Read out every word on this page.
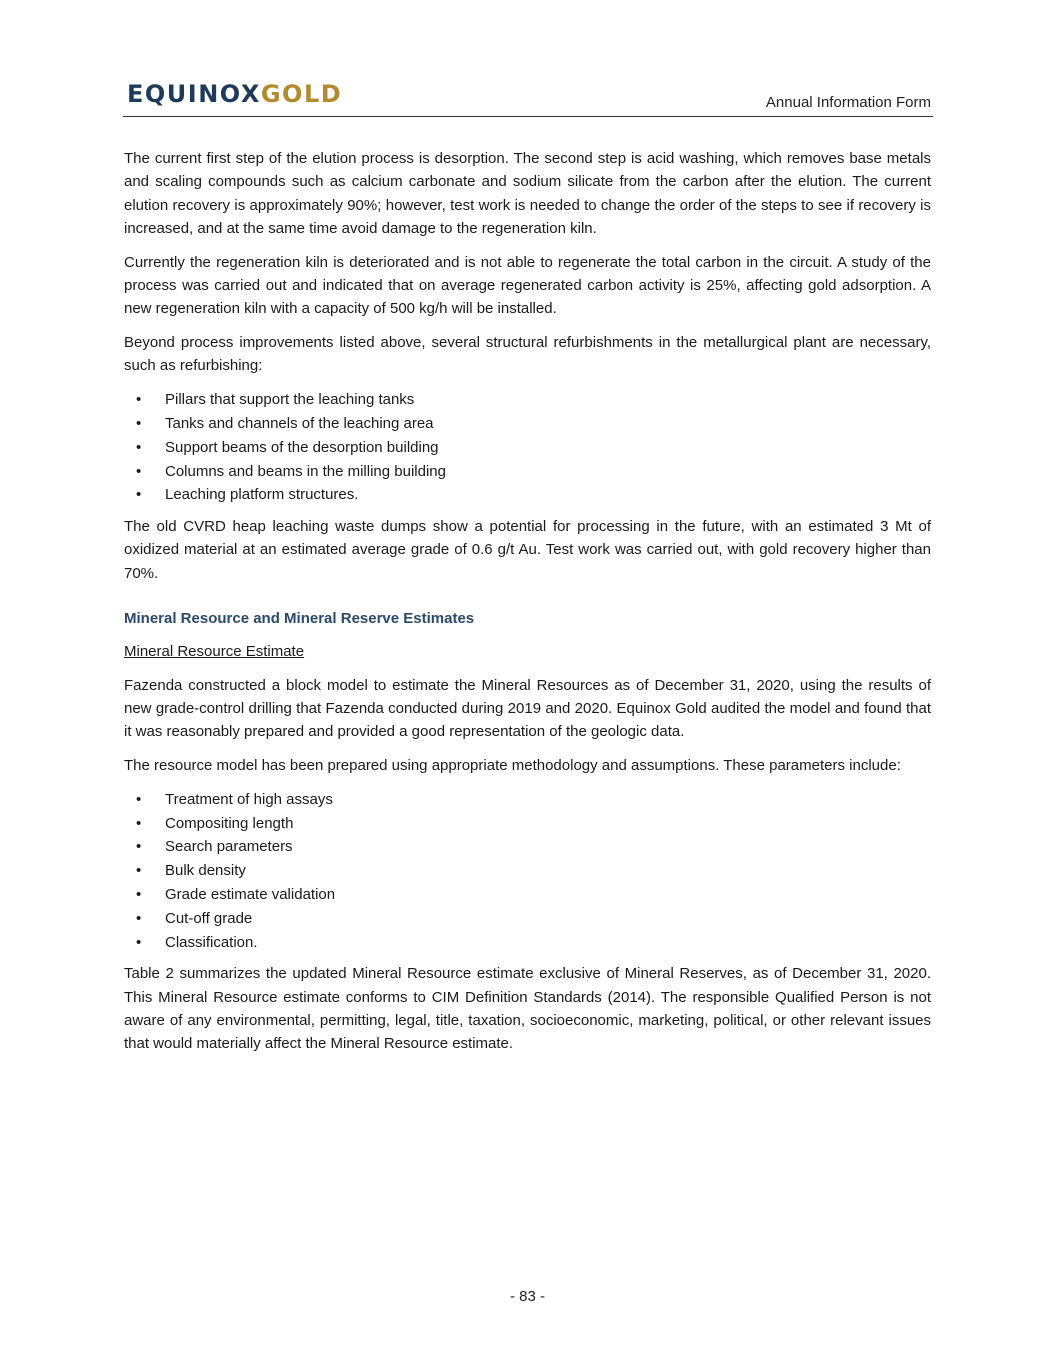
EQUINOXGOLD	Annual Information Form

The current first step of the elution process is desorption. The second step is acid washing, which removes base metals and scaling compounds such as calcium carbonate and sodium silicate from the carbon after the elution. The current elution recovery is approximately 90%; however, test work is needed to change the order of the steps to see if recovery is increased, and at the same time avoid damage to the regeneration kiln.

Currently the regeneration kiln is deteriorated and is not able to regenerate the total carbon in the circuit. A study of the process was carried out and indicated that on average regenerated carbon activity is 25%, affecting gold adsorption. A new regeneration kiln with a capacity of 500 kg/h will be installed.

Beyond process improvements listed above, several structural refurbishments in the metallurgical plant are necessary, such as refurbishing:

• Pillars that support the leaching tanks
• Tanks and channels of the leaching area
• Support beams of the desorption building
• Columns and beams in the milling building
• Leaching platform structures.

The old CVRD heap leaching waste dumps show a potential for processing in the future, with an estimated 3 Mt of oxidized material at an estimated average grade of 0.6 g/t Au. Test work was carried out, with gold recovery higher than 70%.

Mineral Resource and Mineral Reserve Estimates
Mineral Resource Estimate

Fazenda constructed a block model to estimate the Mineral Resources as of December 31, 2020, using the results of new grade-control drilling that Fazenda conducted during 2019 and 2020. Equinox Gold audited the model and found that it was reasonably prepared and provided a good representation of the geologic data.

The resource model has been prepared using appropriate methodology and assumptions. These parameters include:

• Treatment of high assays
• Compositing length
• Search parameters
• Bulk density
• Grade estimate validation
• Cut-off grade
• Classification.

Table 2 summarizes the updated Mineral Resource estimate exclusive of Mineral Reserves, as of December 31, 2020. This Mineral Resource estimate conforms to CIM Definition Standards (2014). The responsible Qualified Person is not aware of any environmental, permitting, legal, title, taxation, socioeconomic, marketing, political, or other relevant issues that would materially affect the Mineral Resource estimate.

- 83 -
